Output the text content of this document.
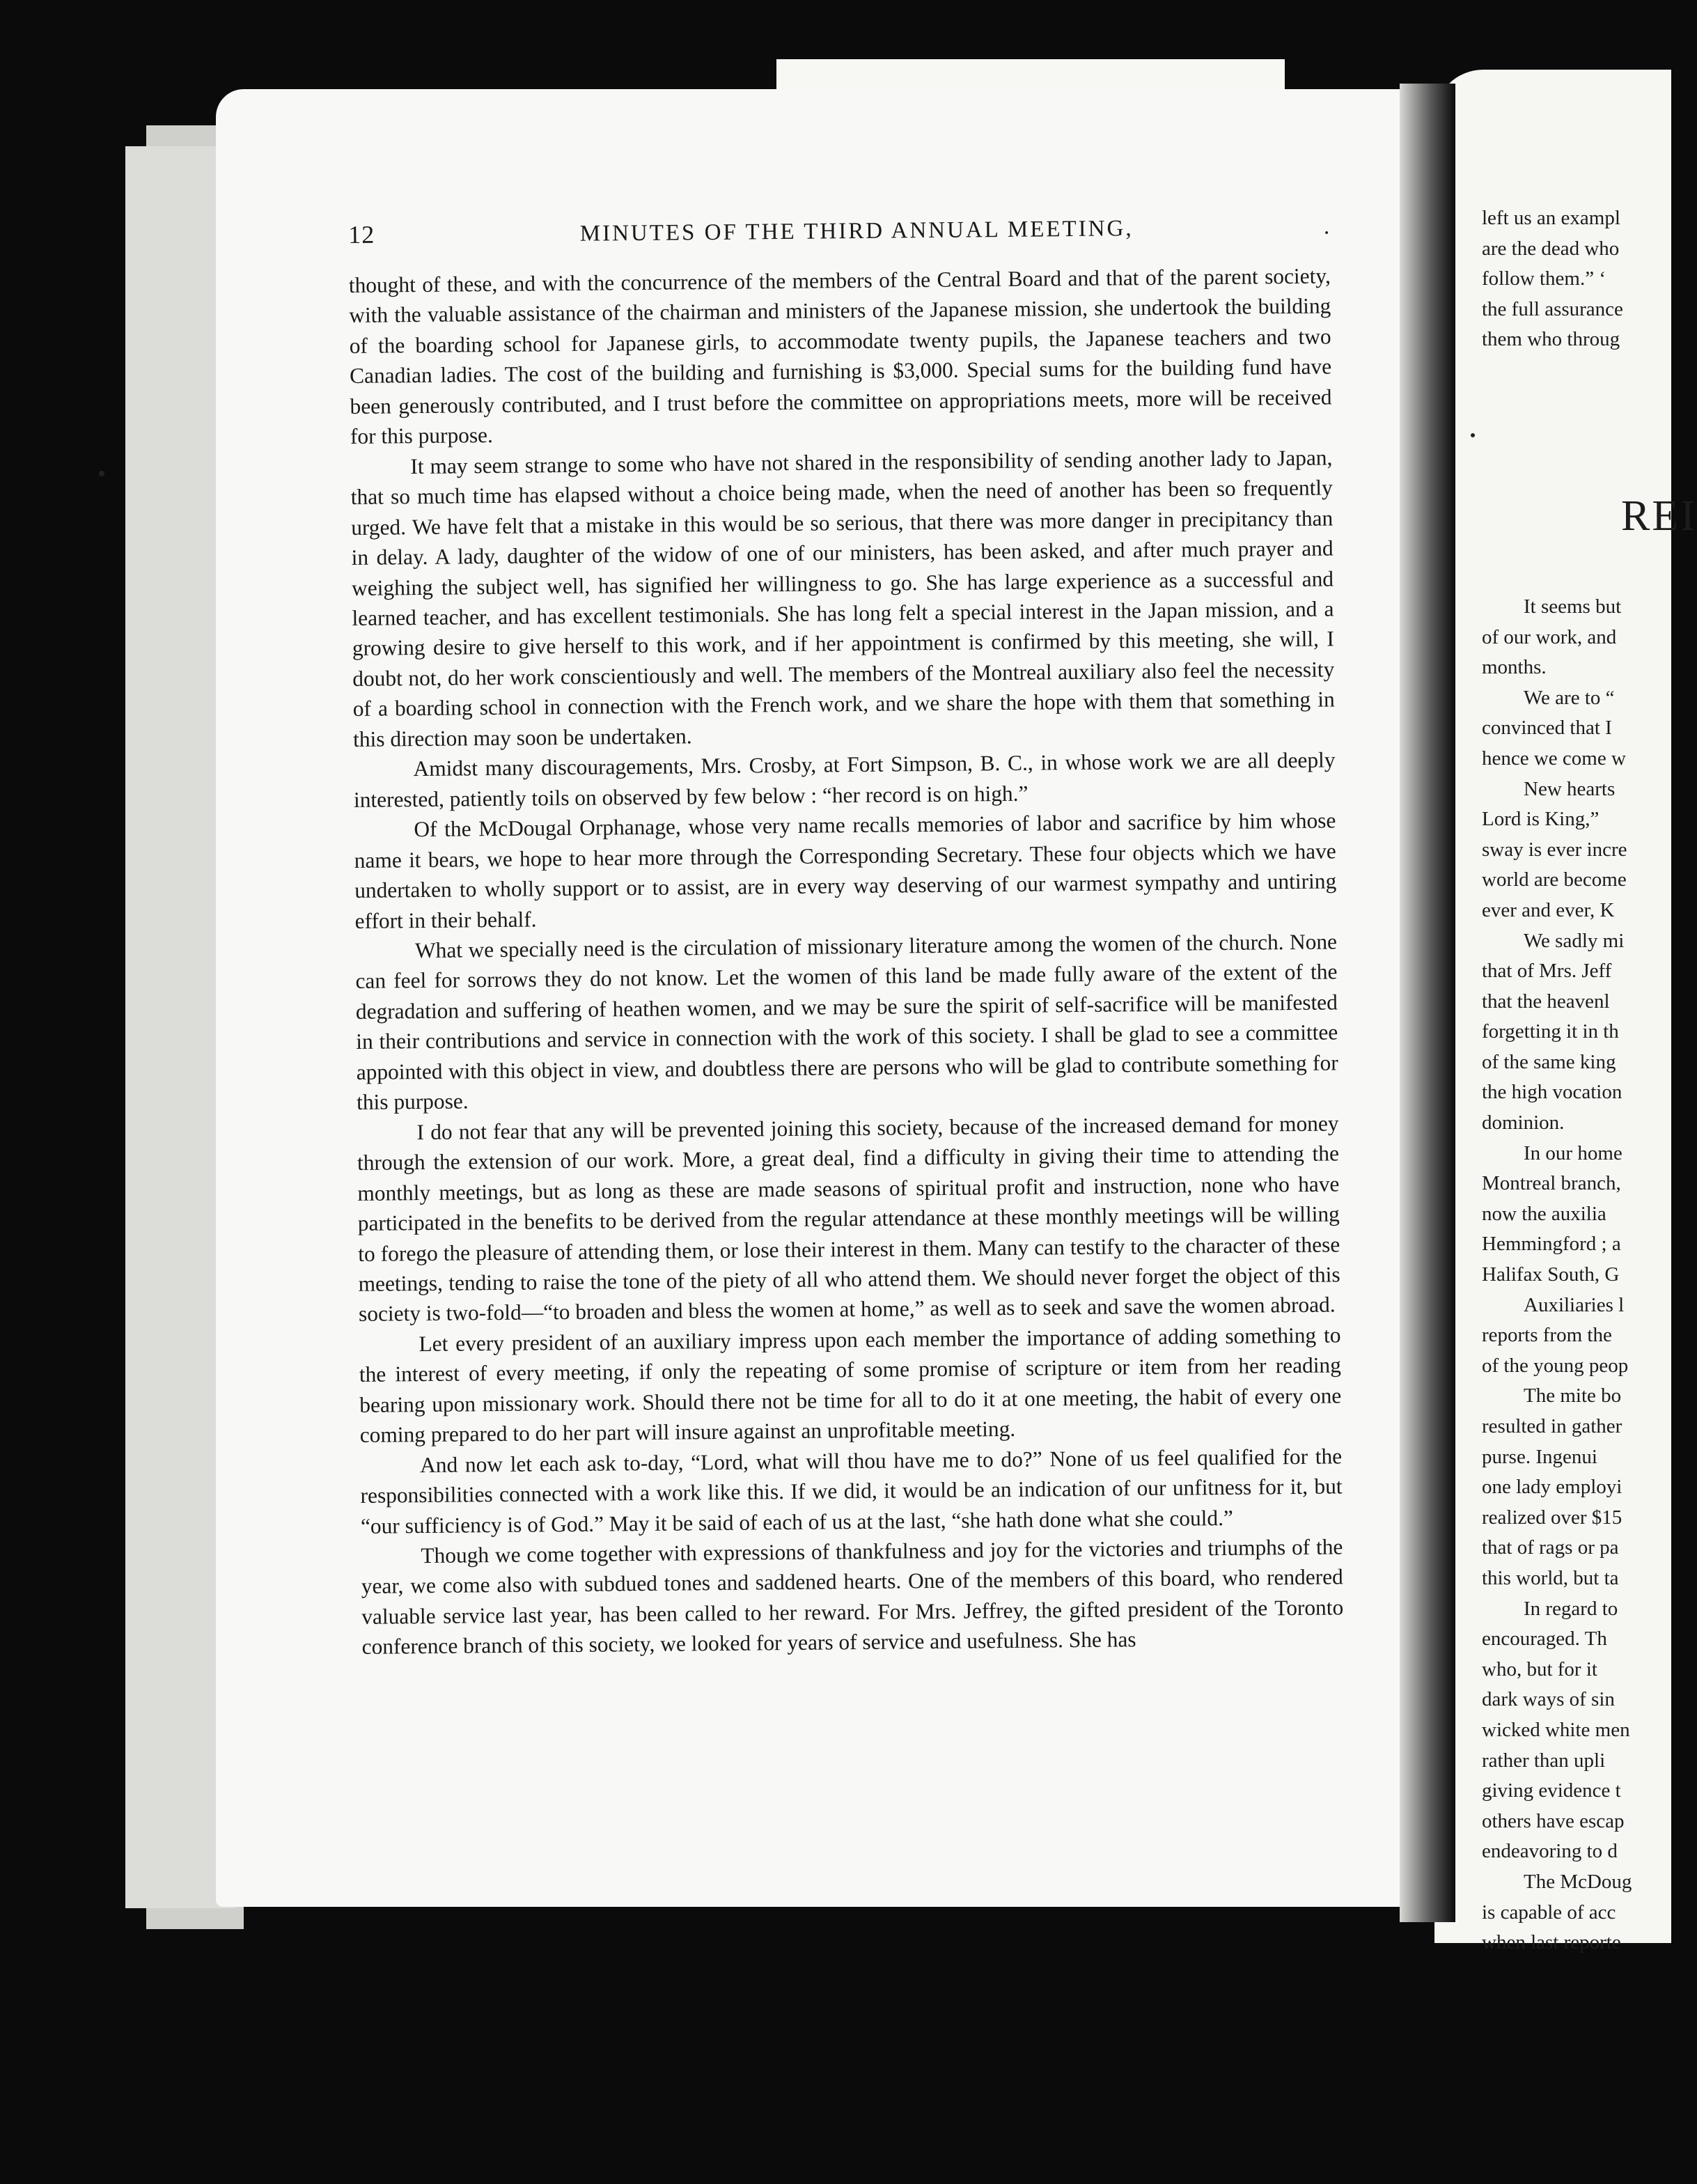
12	MINUTES OF THE THIRD ANNUAL MEETING,	.

thought of these, and with the concurrence of the members of the Central Board and that of the parent society, with the valuable assistance of the chairman and ministers of the Japanese mission, she undertook the building of the boarding school for Japanese girls, to accommodate twenty pupils, the Japanese teachers and two Canadian ladies. The cost of the building and furnishing is $3,000. Special sums for the building fund have been generously contributed, and I trust before the committee on appropriations meets, more will be received for this purpose.

It may seem strange to some who have not shared in the responsibility of sending another lady to Japan, that so much time has elapsed without a choice being made, when the need of another has been so frequently urged. We have felt that a mistake in this would be so serious, that there was more danger in precipitancy than in delay. A lady, daughter of the widow of one of our ministers, has been asked, and after much prayer and weighing the subject well, has signified her willingness to go. She has large experience as a successful and learned teacher, and has excellent testimonials. She has long felt a special interest in the Japan mission, and a growing desire to give herself to this work, and if her appointment is confirmed by this meeting, she will, I doubt not, do her work conscientiously and well. The members of the Montreal auxiliary also feel the necessity of a boarding school in connection with the French work, and we share the hope with them that something in this direction may soon be undertaken.

Amidst many discouragements, Mrs. Crosby, at Fort Simpson, B. C., in whose work we are all deeply interested, patiently toils on observed by few below : “her record is on high.”

Of the McDougal Orphanage, whose very name recalls memories of labor and sacrifice by him whose name it bears, we hope to hear more through the Corresponding Secretary. These four objects which we have undertaken to wholly support or to assist, are in every way deserving of our warmest sympathy and untiring effort in their behalf.

What we specially need is the circulation of missionary literature among the women of the church. None can feel for sorrows they do not know. Let the women of this land be made fully aware of the extent of the degradation and suffering of heathen women, and we may be sure the spirit of self-sacrifice will be manifested in their contributions and service in connection with the work of this society. I shall be glad to see a committee appointed with this object in view, and doubtless there are persons who will be glad to contribute something for this purpose.

I do not fear that any will be prevented joining this society, because of the increased demand for money through the extension of our work. More, a great deal, find a difficulty in giving their time to attending the monthly meetings, but as long as these are made seasons of spiritual profit and instruction, none who have participated in the benefits to be derived from the regular attendance at these monthly meetings will be willing to forego the pleasure of attending them, or lose their interest in them. Many can testify to the character of these meetings, tending to raise the tone of the piety of all who attend them. We should never forget the object of this society is two-fold—“to broaden and bless the women at home,” as well as to seek and save the women abroad.

Let every president of an auxiliary impress upon each member the importance of adding something to the interest of every meeting, if only the repeating of some promise of scripture or item from her reading bearing upon missionary work. Should there not be time for all to do it at one meeting, the habit of every one coming prepared to do her part will insure against an unprofitable meeting.

And now let each ask to-day, “Lord, what will thou have me to do?” None of us feel qualified for the responsibilities connected with a work like this. If we did, it would be an indication of our unfitness for it, but “our sufficiency is of God.” May it be said of each of us at the last, “she hath done what she could.”

Though we come together with expressions of thankfulness and joy for the victories and triumphs of the year, we come also with subdued tones and saddened hearts. One of the members of this board, who rendered valuable service last year, has been called to her reward. For Mrs. Jeffrey, the gifted president of the Toronto conference branch of this society, we looked for years of service and usefulness. She has

left us an exampl
are the dead who
follow them.” ‘
the full assurance
them who throug
It seems but
of our work, and
months.
We are to “
convinced that I
hence we come w
New hearts
Lord is King,”
sway is ever incre
world are become
ever and ever, K
We sadly mi
that of Mrs. Jeff
that the heavenl
forgetting it in th
of the same king
the high vocation
dominion.
In our home
Montreal branch,
now the auxilia
Hemmingford ; a
Halifax South, G
Auxiliaries l
reports from the
of the young peop
The mite bo
resulted in gather
purse. Ingenui
one lady employi
realized over $15
that of rags or pa
this world, but ta
In regard to
encouraged. Th
who, but for it
dark ways of sin
wicked white men
rather than upli
giving evidence t
others have escap
endeavoring to d
The McDoug
is capable of acc
when last reporte
REI
